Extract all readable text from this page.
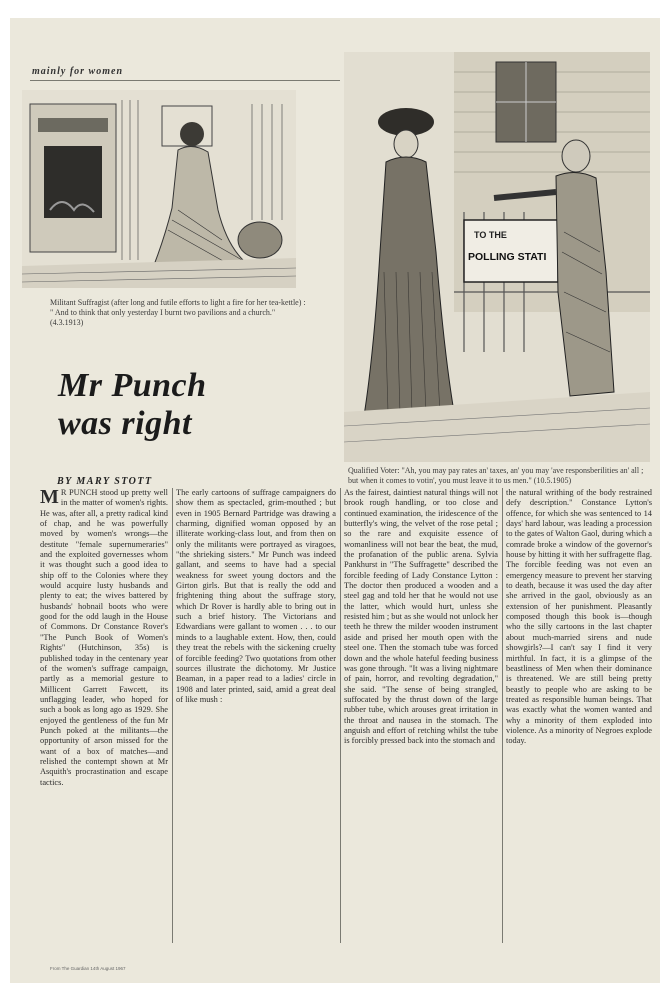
mainly for women
Militant Suffragist (after long and futile efforts to light a fire for her tea-kettle) : " And to think that only yesterday I burnt two pavilions and a church." (4.3.1913)
TO THE
POLLING STATI
Qualified Voter: "Ah, you may pay rates an' taxes, an' you may 'ave responsberilities an' all ; but when it comes to votin', you must leave it to us men." (10.5.1905)
Mr Punch
was right
BY MARY STOTT
M R PUNCH stood up pretty well in the matter of women's rights. He was, after all, a pretty radical kind of chap, and he was powerfully moved by women's wrongs—the destitute "female supernumeraries" and the exploited governesses whom it was thought such a good idea to ship off to the Colonies where they would acquire lusty husbands and plenty to eat; the wives battered by husbands' hobnail boots who were good for the odd laugh in the House of Commons. Dr Constance Rover's "The Punch Book of Women's Rights" (Hutchinson, 35s) is published today in the centenary year of the women's suffrage campaign, partly as a memorial gesture to Millicent Garrett Fawcett, its unflagging leader, who hoped for such a book as long ago as 1929. She enjoyed the gentleness of the fun Mr Punch poked at the militants—the opportunity of arson missed for the want of a box of matches—and relished the contempt shown at Mr Asquith's procrastination and escape tactics.
The early cartoons of suffrage campaigners do show them as spectacled, grim-mouthed ; but even in 1905 Bernard Partridge was drawing a charming, dignified woman opposed by an illiterate working-class lout, and from then on only the militants were portrayed as viragoes, "the shrieking sisters." Mr Punch was indeed gallant, and seems to have had a special weakness for sweet young doctors and the Girton girls. But that is really the odd and frightening thing about the suffrage story, which Dr Rover is hardly able to bring out in such a brief history. The Victorians and Edwardians were gallant to women . . . to our minds to a laughable extent. How, then, could they treat the rebels with the sickening cruelty of forcible feeding? Two quotations from other sources illustrate the dichotomy. Mr Justice Beaman, in a paper read to a ladies' circle in 1908 and later printed, said, amid a great deal of like mush :
As the fairest, daintiest natural things will not brook rough handling, or too close and continued examination, the iridescence of the butterfly's wing, the velvet of the rose petal ; so the rare and exquisite essence of womanliness will not bear the beat, the mud, the profanation of the public arena. Sylvia Pankhurst in "The Suffragette" described the forcible feeding of Lady Constance Lytton : The doctor then produced a wooden and a steel gag and told her that he would not use the latter, which would hurt, unless she resisted him ; but as she would not unlock her teeth he threw the milder wooden instrument aside and prised her mouth open with the steel one. Then the stomach tube was forced down and the whole hateful feeding business was gone through. "It was a living nightmare of pain, horror, and revolting degradation," she said. "The sense of being strangled, suffocated by the thrust down of the large rubber tube, which arouses great irritation in the throat and nausea in the stomach. The anguish and effort of retching whilst the tube is forcibly pressed back into the stomach and
the natural writhing of the body restrained defy description." Constance Lytton's offence, for which she was sentenced to 14 days' hard labour, was leading a procession to the gates of Walton Gaol, during which a comrade broke a window of the governor's house by hitting it with her suffragette flag. The forcible feeding was not even an emergency measure to prevent her starving to death, because it was used the day after she arrived in the gaol, obviously as an extension of her punishment. Pleasantly composed though this book is—though who the silly cartoons in the last chapter about much-married sirens and nude showgirls?—I can't say I find it very mirthful. In fact, it is a glimpse of the beastliness of Men when their dominance is threatened. We are still being pretty beastly to people who are asking to be treated as responsible human beings. That was exactly what the women wanted and why a minority of them exploded into violence. As a minority of Negroes explode today.
From The Guardian 14th August 1967
